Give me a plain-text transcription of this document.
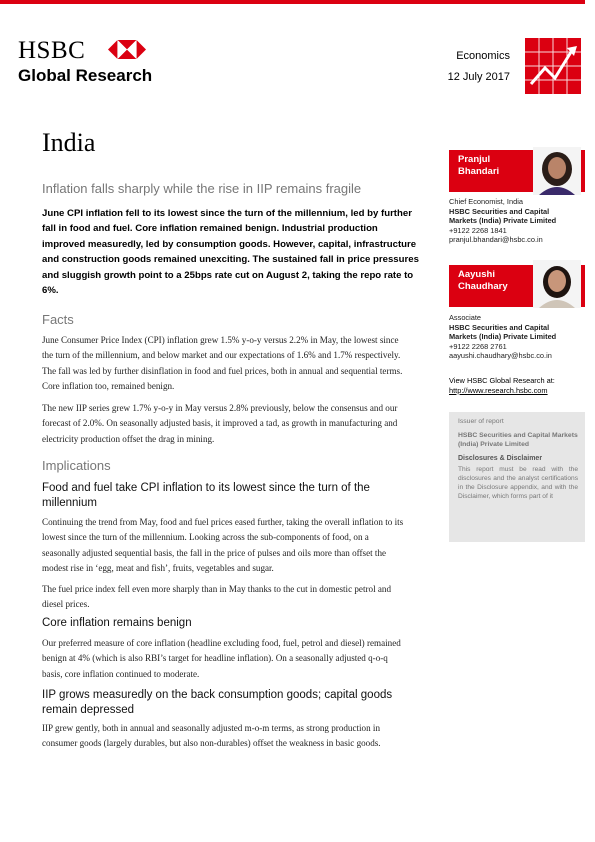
HSBC
Global Research
Economics
12 July 2017
India
Inflation falls sharply while the rise in IIP remains fragile
June CPI inflation fell to its lowest since the turn of the millennium, led by further
fall in food and fuel. Core inflation remained benign. Industrial production
improved measuredly, led by consumption goods. However, capital, infrastructure
and construction goods remained unexciting. The sustained fall in price pressures
and sluggish growth point to a 25bps rate cut on August 2, taking the repo rate to
6%.
Facts
June Consumer Price Index (CPI) inflation grew 1.5% y-o-y versus 2.2% in May, the lowest since
the turn of the millennium, and below market and our expectations of 1.6% and 1.7% respectively.
The fall was led by further disinflation in food and fuel prices, both in annual and sequential terms.
Core inflation too, remained benign.
The new IIP series grew 1.7% y-o-y in May versus 2.8% previously, below the consensus and our
forecast of 2.0%. On seasonally adjusted basis, it improved a tad, as growth in manufacturing and
electricity production offset the drag in mining.
Implications
Food and fuel take CPI inflation to its lowest since the turn of the
millennium
Continuing the trend from May, food and fuel prices eased further, taking the overall inflation to its
lowest since the turn of the millennium. Looking across the sub-components of food, on a
seasonally adjusted sequential basis, the fall in the price of pulses and oils more than offset the
modest rise in ‘egg, meat and fish’, fruits, vegetables and sugar.
The fuel price index fell even more sharply than in May thanks to the cut in domestic petrol and
diesel prices.
Core inflation remains benign
Our preferred measure of core inflation (headline excluding food, fuel, petrol and diesel) remained
benign at 4% (which is also RBI’s target for headline inflation). On a seasonally adjusted q-o-q
basis, core inflation continued to moderate.
IIP grows measuredly on the back consumption goods; capital goods
remain depressed
IIP grew gently, both in annual and seasonally adjusted m-o-m terms, as strong production in
consumer goods (largely durables, but also non-durables) offset the weakness in basic goods.
Pranjul
Bhandari
Chief Economist, India
HSBC Securities and Capital
Markets (India) Private Limited
+9122 2268 1841
pranjul.bhandari@hsbc.co.in
Aayushi
Chaudhary
Associate
HSBC Securities and Capital
Markets (India) Private Limited
+9122 2268 2761
aayushi.chaudhary@hsbc.co.in
View HSBC Global Research at:
http://www.research.hsbc.com
Issuer of report
HSBC Securities and Capital Markets (India) Private Limited
Disclosures & Disclaimer
This report must be read with the disclosures and the analyst certifications in the Disclosure appendix, and with the Disclaimer, which forms part of it
